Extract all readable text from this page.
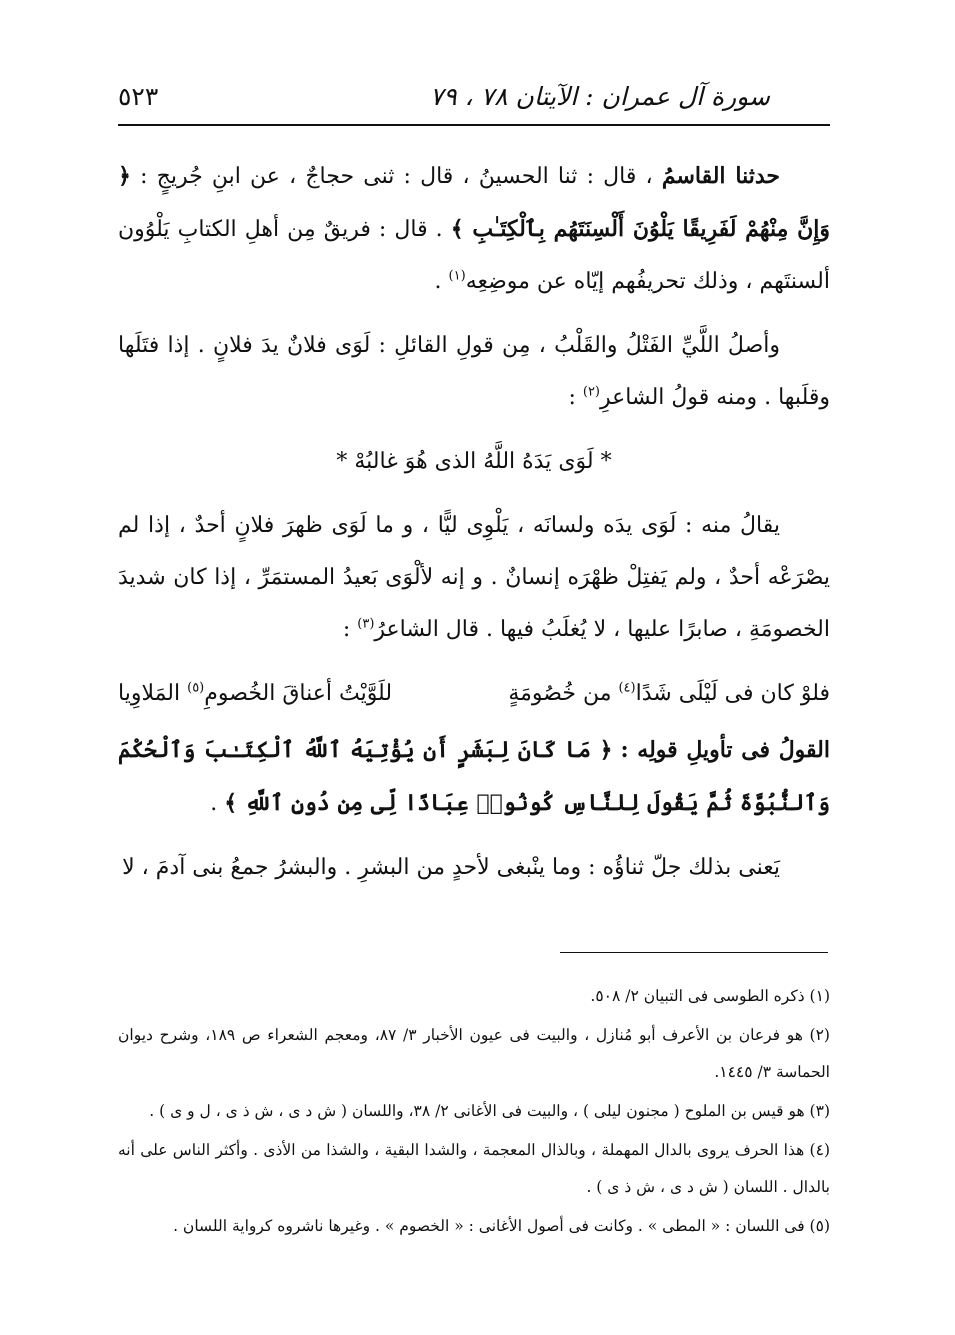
سورة آل عمران : الآيتان ٧٨ ، ٧٩
٥٢٣

حدثنا القاسمُ ، قال : ثنا الحسينُ ، قال : ثنى حجاجٌ ، عن ابنِ جُريجٍ : ﴿ وَإِنَّ مِنْهُمْ لَفَرِيقًا يَلْوُنَ أَلْسِنَتَهُم بِٱلْكِتَـٰبِ ﴾ . قال : فريقٌ مِن أهلِ الكتابِ يَلْوُون ألسنتَهم ، وذلك تحريفُهم إيّاه عن موضِعِه$^{(١)}$ .

وأصلُ اللَّيِّ الفَتْلُ والقَلْبُ ، مِن قولِ القائلِ : لَوَى فلانٌ يدَ فلانٍ . إذا فتَلَها وقلَبها . ومنه قولُ الشاعرِ$^{(٢)}$ :

* لَوَى يَدَهُ اللَّهُ الذى هُوَ غالبُهْ *

يقالُ منه : لَوَى يدَه ولسانَه ، يَلْوِى ليًّا ، و ما لَوَى ظهرَ فلانٍ أحدٌ ، إذا لم يصْرَعْه أحدٌ ، ولم يَفتِلْ ظهْرَه إنسانٌ . و إنه لألْوَى بَعيدُ المستمَرِّ ، إذا كان شديدَ الخصومَةِ ، صابرًا عليها ، لا يُغلَبُ فيها . قال الشاعرُ$^{(٣)}$ :

فلوْ كان فى لَيْلَى شَدًا$^{(٤)}$ من خُصُومَةٍ
للَوَّيْتُ أعناقَ الخُصومِ$^{(٥)}$ المَلاوِيا

القولُ فى تأويلِ قولِه : ﴿ مَا كَانَ لِبَشَرٍ أَن يُؤْتِيَهُ ٱللَّهُ ٱلْكِتَـٰبَ وَٱلْحُكْمَ وَٱلنُّبُوَّةَ ثُمَّ يَقُولَ لِلنَّاسِ كُونُوا۟ عِبَادًا لِّى مِن دُونِ ٱللَّهِ ﴾ .

يَعنى بذلك جلّ ثناؤُه : وما ينْبغى لأحدٍ من البشرِ . والبشرُ جمعُ بنى آدمَ ، لا

(١) ذكره الطوسى فى التبيان ٢/ ٥٠٨.

(٢) هو فرعان بن الأعرف أبو مُنازل ، والبيت فى عيون الأخبار ٣/ ٨٧، ومعجم الشعراء ص ١٨٩، وشرح ديوان الحماسة ٣/ ١٤٤٥.

(٣) هو قيس بن الملوح ( مجنون ليلى ) ، والبيت فى الأغانى ٢/ ٣٨، واللسان ( ش د ى ، ش ذ ى ، ل و ى ) .

(٤) هذا الحرف يروى بالدال المهملة ، وبالذال المعجمة ، والشدا البقية ، والشذا من الأذى . وأكثر الناس على أنه بالدال . اللسان ( ش د ى ، ش ذ ى ) .

(٥) فى اللسان : « المطى » . وكانت فى أصول الأغانى : « الخصوم » . وغيرها ناشروه كرواية اللسان .
